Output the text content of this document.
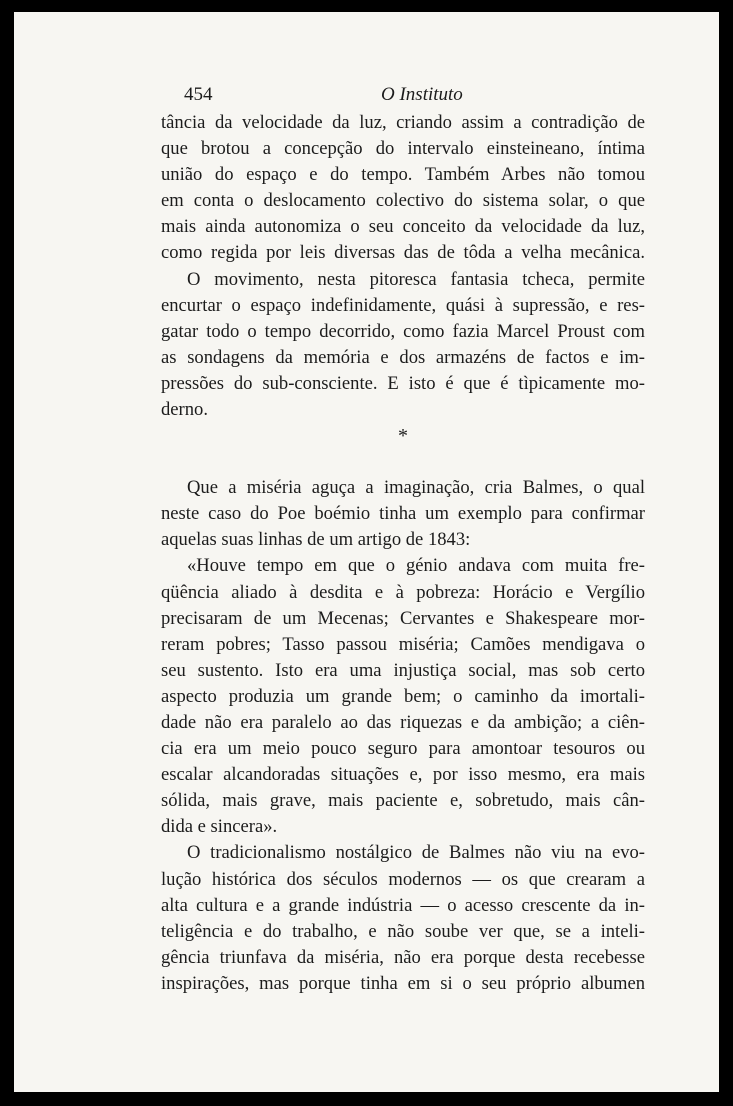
454	O Instituto
tância da velocidade da luz, criando assim a contradição de
que brotou a concepção do intervalo einsteineano, íntima
união do espaço e do tempo. Também Arbes não tomou
em conta o deslocamento colectivo do sistema solar, o que
mais ainda autonomiza o seu conceito da velocidade da luz,
como regida por leis diversas das de tôda a velha mecânica.
O movimento, nesta pitoresca fantasia tcheca, permite
encurtar o espaço indefinidamente, quási à supressão, e res-
gatar todo o tempo decorrido, como fazia Marcel Proust com
as sondagens da memória e dos armazéns de factos e im-
pressões do sub-consciente. E isto é que é tìpicamente mo-
derno.
*
Que a miséria aguça a imaginação, cria Balmes, o qual
neste caso do Poe boémio tinha um exemplo para confirmar
aquelas suas linhas de um artigo de 1843:
«Houve tempo em que o génio andava com muita fre-
qüência aliado à desdita e à pobreza: Horácio e Vergílio
precisaram de um Mecenas; Cervantes e Shakespeare mor-
reram pobres; Tasso passou miséria; Camões mendigava o
seu sustento. Isto era uma injustiça social, mas sob certo
aspecto produzia um grande bem; o caminho da imortali-
dade não era paralelo ao das riquezas e da ambição; a ciên-
cia era um meio pouco seguro para amontoar tesouros ou
escalar alcandoradas situações e, por isso mesmo, era mais
sólida, mais grave, mais paciente e, sobretudo, mais cân-
dida e sincera».
O tradicionalismo nostálgico de Balmes não viu na evo-
lução histórica dos séculos modernos — os que crearam a
alta cultura e a grande indústria — o acesso crescente da in-
teligência e do trabalho, e não soube ver que, se a inteli-
gência triunfava da miséria, não era porque desta recebesse
inspirações, mas porque tinha em si o seu próprio albumen
